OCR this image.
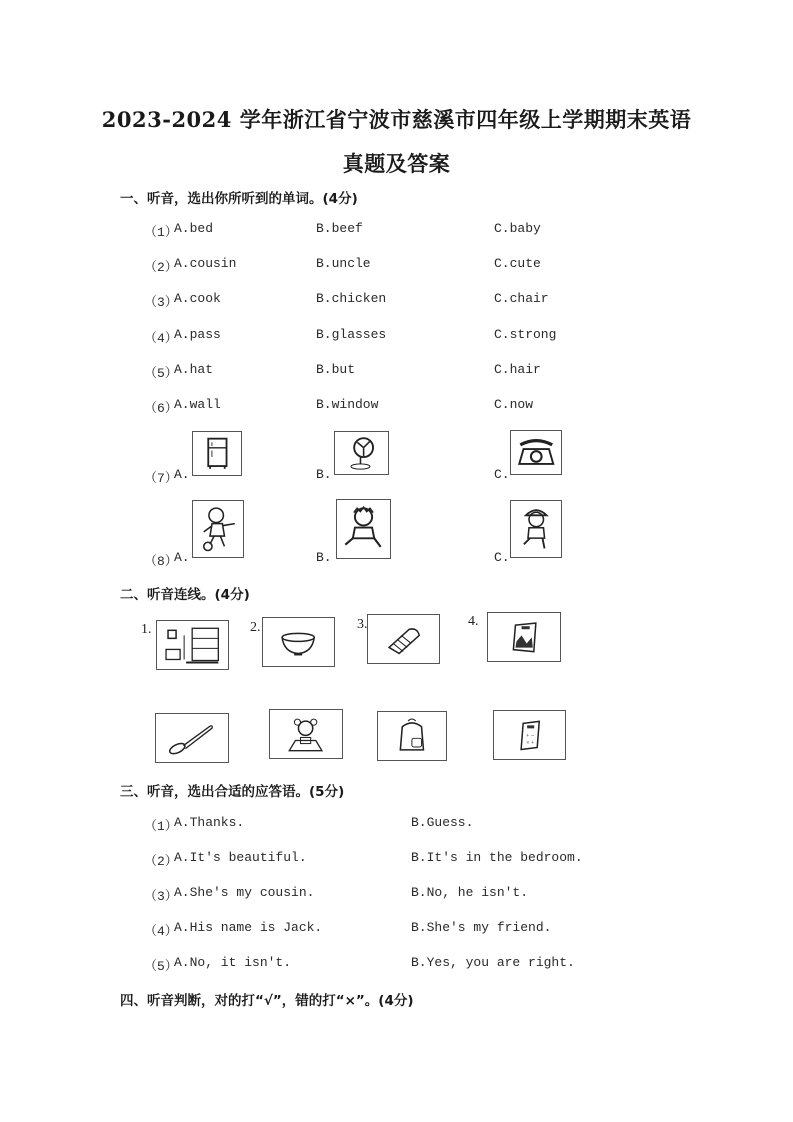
2023-2024 学年浙江省宁波市慈溪市四年级上学期期末英语
真题及答案
一、听音，选出你所听到的单词。(4分)
（1）
A.bed	B.beef	C.baby
（2）
A.cousin	B.uncle	C.cute
（3）
A.cook	B.chicken	C.chair
（4）
A.pass	B.glasses	C.strong
（5）
A.hat	B.but	C.hair
（6）
A.wall	B.window	C.now
（7）
A.	B.	C.
（8）
A.	B.	C.
二、听音连线。(4分)
1.	2.	3.	4.
+ −
× +
三、听音，选出合适的应答语。(5分)
（1）
A.Thanks.	B.Guess.
（2）
A.It's beautiful.	B.It's in the bedroom.
（3）
A.She's my cousin.	B.No, he isn't.
（4）
A.His name is Jack.	B.She's my friend.
（5）
A.No, it isn't.	B.Yes, you are right.
四、听音判断，对的打“√”，错的打“×”。(4分)
